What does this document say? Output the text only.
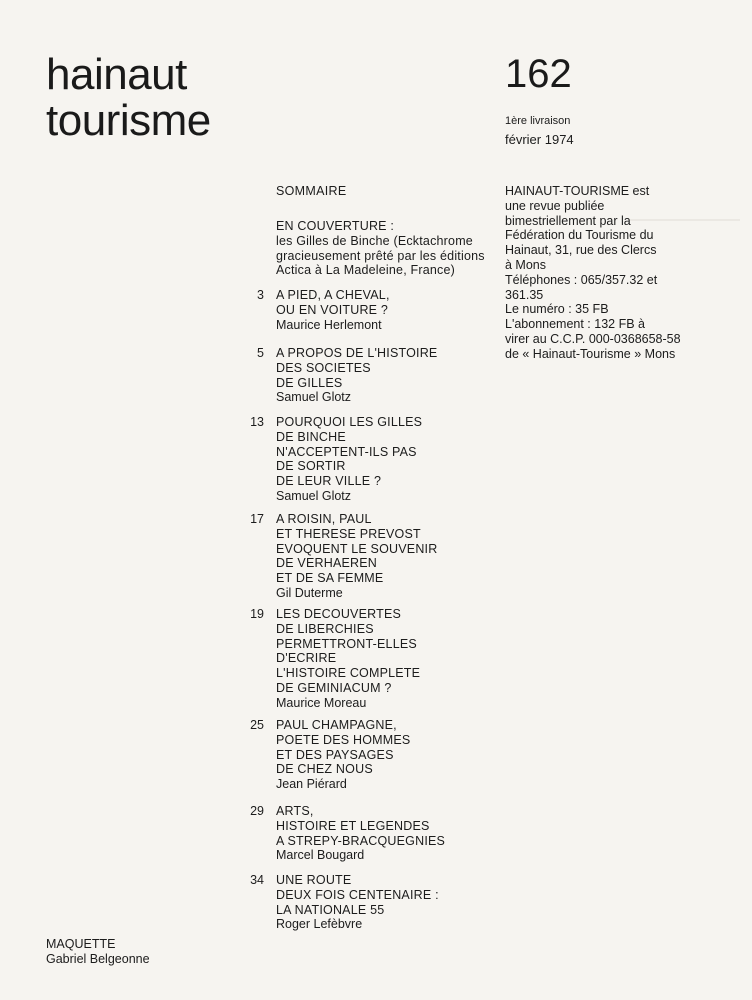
hainaut
tourisme
162
1ère livraison
février 1974
SOMMAIRE
EN COUVERTURE :
les Gilles de Binche (Ecktachrome
gracieusement prêté par les éditions
Actica à La Madeleine, France)
3 A PIED, A CHEVAL,
OU EN VOITURE ?
Maurice Herlemont
5 A PROPOS DE L'HISTOIRE
DES SOCIETES
DE GILLES
Samuel Glotz
13 POURQUOI LES GILLES
DE BINCHE
N'ACCEPTENT-ILS PAS
DE SORTIR
DE LEUR VILLE ?
Samuel Glotz
17 A ROISIN, PAUL
ET THERESE PREVOST
EVOQUENT LE SOUVENIR
DE VERHAEREN
ET DE SA FEMME
Gil Duterme
19 LES DECOUVERTES
DE LIBERCHIES
PERMETTRONT-ELLES
D'ECRIRE
L'HISTOIRE COMPLETE
DE GEMINIACUM ?
Maurice Moreau
25 PAUL CHAMPAGNE,
POETE DES HOMMES
ET DES PAYSAGES
DE CHEZ NOUS
Jean Piérard
29 ARTS,
HISTOIRE ET LEGENDES
A STREPY-BRACQUEGNIES
Marcel Bougard
34 UNE ROUTE
DEUX FOIS CENTENAIRE :
LA NATIONALE 55
Roger Lefèbvre
HAINAUT-TOURISME est
une revue publiée
bimestriellement par la
Fédération du Tourisme du
Hainaut, 31, rue des Clercs
à Mons
Téléphones : 065/357.32 et
361.35
Le numéro : 35 FB
L'abonnement : 132 FB à
virer au C.C.P. 000-0368658-58
de « Hainaut-Tourisme » Mons
MAQUETTE
Gabriel Belgeonne
